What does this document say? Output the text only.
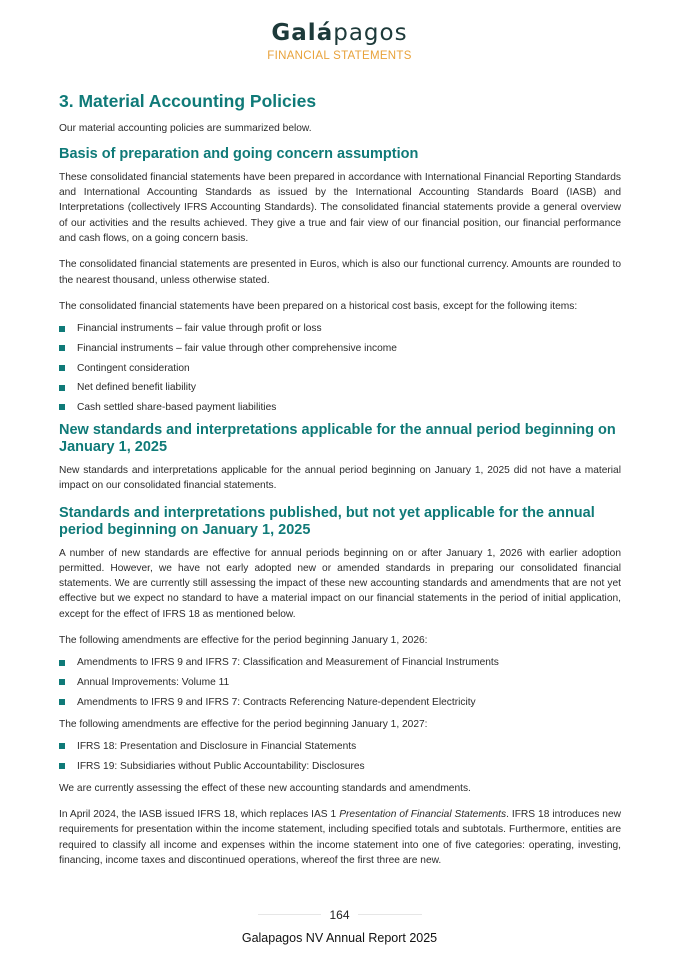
Galápagos
FINANCIAL STATEMENTS
3. Material Accounting Policies

Our material accounting policies are summarized below.

Basis of preparation and going concern assumption

These consolidated financial statements have been prepared in accordance with International Financial Reporting Standards and International Accounting Standards as issued by the International Accounting Standards Board (IASB) and Interpretations (collectively IFRS Accounting Standards). The consolidated financial statements provide a general overview of our activities and the results achieved. They give a true and fair view of our financial position, our financial performance and cash flows, on a going concern basis.

The consolidated financial statements are presented in Euros, which is also our functional currency. Amounts are rounded to the nearest thousand, unless otherwise stated.

The consolidated financial statements have been prepared on a historical cost basis, except for the following items:

Financial instruments – fair value through profit or loss
Financial instruments – fair value through other comprehensive income
Contingent consideration
Net defined benefit liability
Cash settled share-based payment liabilities
New standards and interpretations applicable for the annual period beginning on January 1, 2025

New standards and interpretations applicable for the annual period beginning on January 1, 2025 did not have a material impact on our consolidated financial statements.

Standards and interpretations published, but not yet applicable for the annual period beginning on January 1, 2025

A number of new standards are effective for annual periods beginning on or after January 1, 2026 with earlier adoption permitted. However, we have not early adopted new or amended standards in preparing our consolidated financial statements. We are currently still assessing the impact of these new accounting standards and amendments that are not yet effective but we expect no standard to have a material impact on our financial statements in the period of initial application, except for the effect of IFRS 18 as mentioned below.

The following amendments are effective for the period beginning January 1, 2026:

Amendments to IFRS 9 and IFRS 7: Classification and Measurement of Financial Instruments
Annual Improvements: Volume 11
Amendments to IFRS 9 and IFRS 7: Contracts Referencing Nature-dependent Electricity

The following amendments are effective for the period beginning January 1, 2027:

IFRS 18: Presentation and Disclosure in Financial Statements
IFRS 19: Subsidiaries without Public Accountability: Disclosures

We are currently assessing the effect of these new accounting standards and amendments.

In April 2024, the IASB issued IFRS 18, which replaces IAS 1 Presentation of Financial Statements. IFRS 18 introduces new requirements for presentation within the income statement, including specified totals and subtotals. Furthermore, entities are required to classify all income and expenses within the income statement into one of five categories: operating, investing, financing, income taxes and discontinued operations, whereof the first three are new.

164
Galapagos NV Annual Report 2025
